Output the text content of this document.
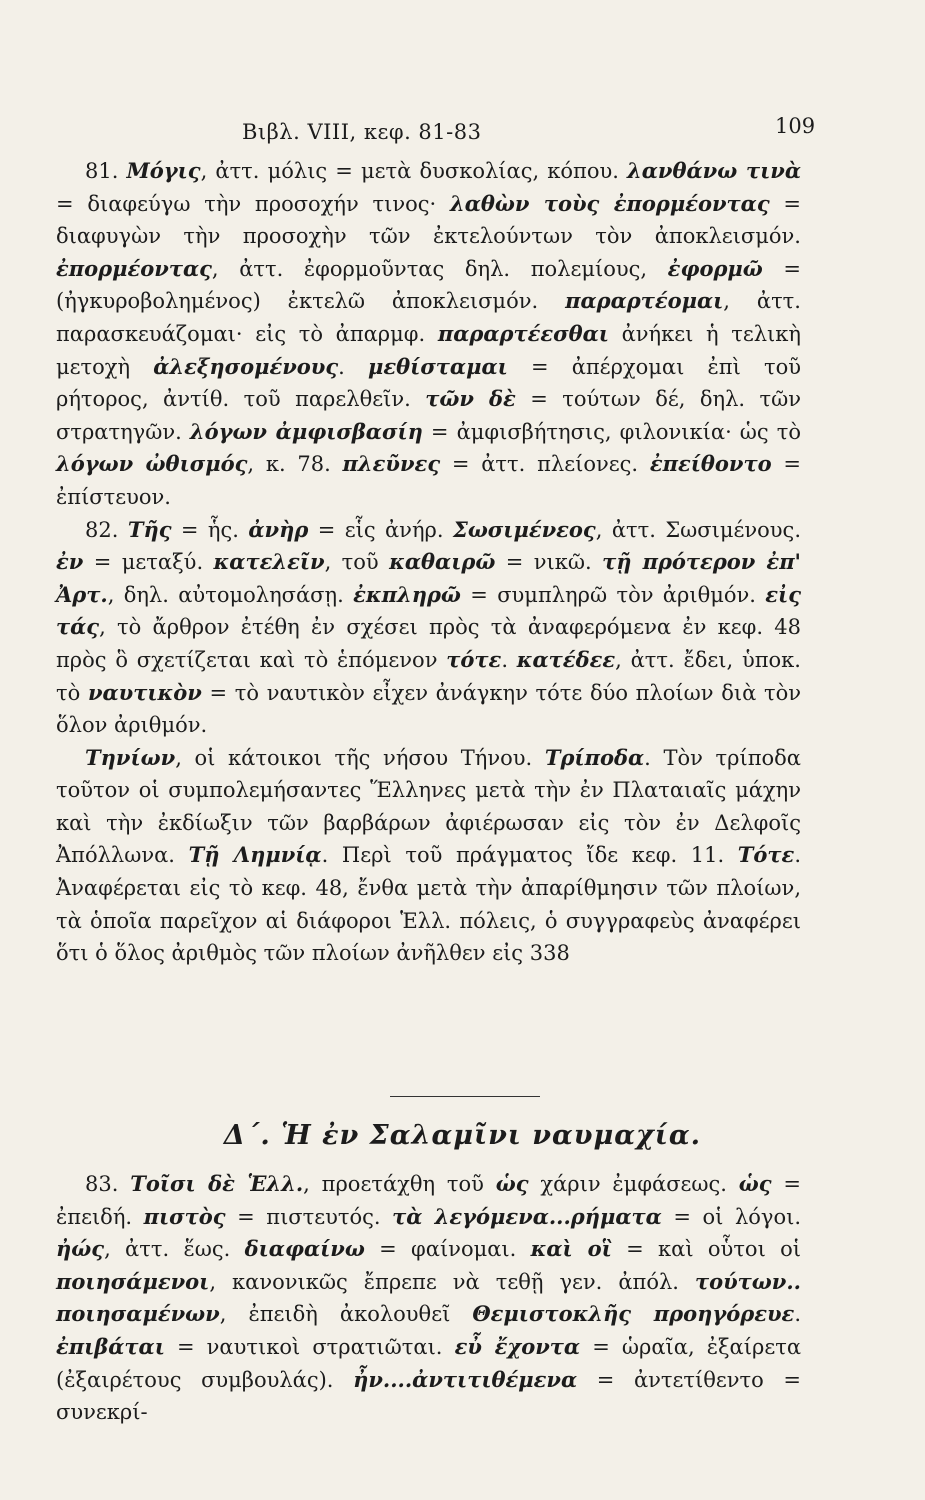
Βιβλ. VIII, κεφ. 81-83	109

81. Μόγις, ἀττ. μόλις = μετὰ δυσκολίας, κόπου. λανθάνω τινὰ = διαφεύγω τὴν προσοχήν τινος· λαθὼν τοὺς ἐπορμέοντας = διαφυγὼν τὴν προσοχὴν τῶν ἐκτελούντων τὸν ἀποκλεισμόν. ἐπορμέοντας, ἀττ. ἐφορμοῦντας δηλ. πολεμίους, ἐφορμῶ = (ἠγκυροβολημένος) ἐκτελῶ ἀποκλεισμόν. παραρτέομαι, ἀττ. παρασκευάζομαι· εἰς τὸ ἀπαρμφ. παραρτέεσθαι ἀνήκει ἡ τελικὴ μετοχὴ ἀλεξησομένους. μεθίσταμαι = ἀπέρχομαι ἐπὶ τοῦ ρήτορος, ἀντίθ. τοῦ παρελθεῖν. τῶν δὲ = τούτων δέ, δηλ. τῶν στρατηγῶν. λόγων ἀμφισβασίη = ἀμφισβήτησις, φιλονικία· ὡς τὸ λόγων ὠθισμός, κ. 78. πλεῦνες = ἀττ. πλείονες. ἐπείθοντο = ἐπίστευον.

82. Τῆς = ἧς. ἀνὴρ = εἷς ἀνήρ. Σωσιμένεος, ἀττ. Σωσιμένους. ἐν = μεταξύ. κατελεῖν, τοῦ καθαιρῶ = νικῶ. τῇ πρότερον ἐπ' Ἀρτ., δηλ. αὐτομολησάσῃ. ἐκπληρῶ = συμπληρῶ τὸν ἀριθμόν. εἰς τάς, τὸ ἄρθρον ἐτέθη ἐν σχέσει πρὸς τὰ ἀναφερόμενα ἐν κεφ. 48 πρὸς ὃ σχετίζεται καὶ τὸ ἑπόμενον τότε. κατέδεε, ἀττ. ἔδει, ὑποκ. τὸ ναυτικὸν = τὸ ναυτικὸν εἶχεν ἀνάγκην τότε δύο πλοίων διὰ τὸν ὅλον ἀριθμόν.

Τηνίων, οἱ κάτοικοι τῆς νήσου Τήνου. Τρίποδα. Τὸν τρίποδα τοῦτον οἱ συμπολεμήσαντες Ἕλληνες μετὰ τὴν ἐν Πλαταιαῖς μάχην καὶ τὴν ἐκδίωξιν τῶν βαρβάρων ἀφιέρωσαν εἰς τὸν ἐν Δελφοῖς Ἀπόλλωνα. Τῇ Λημνίᾳ. Περὶ τοῦ πράγματος ἴδε κεφ. 11. Τότε. Ἀναφέρεται εἰς τὸ κεφ. 48, ἔνθα μετὰ τὴν ἀπαρίθμησιν τῶν πλοίων, τὰ ὁποῖα παρεῖχον αἱ διάφοροι Ἑλλ. πόλεις, ὁ συγγραφεὺς ἀναφέρει ὅτι ὁ ὅλος ἀριθμὸς τῶν πλοίων ἀνῆλθεν εἰς 338

Δ΄. Ἡ ἐν Σαλαμῖνι ναυμαχία.

83. Τοῖσι δὲ Ἑλλ., προετάχθη τοῦ ὡς χάριν ἐμφάσεως. ὡς = ἐπειδή. πιστὸς = πιστευτός. τὰ λεγόμενα...ρήματα = οἱ λόγοι. ἠώς, ἀττ. ἕως. διαφαίνω = φαίνομαι. καὶ οἳ = καὶ οὗτοι οἱ ποιησάμενοι, κανονικῶς ἔπρεπε νὰ τεθῇ γεν. ἀπόλ. τούτων.. ποιησαμένων, ἐπειδὴ ἀκολουθεῖ Θεμιστοκλῆς προηγόρευε. ἐπιβάται = ναυτικοὶ στρατιῶται. εὖ ἔχοντα = ὡραῖα, ἐξαίρετα (ἐξαιρέτους συμβουλάς). ἦν....ἀντιτιθέμενα = ἀντετίθεντο = συνεκρί-
